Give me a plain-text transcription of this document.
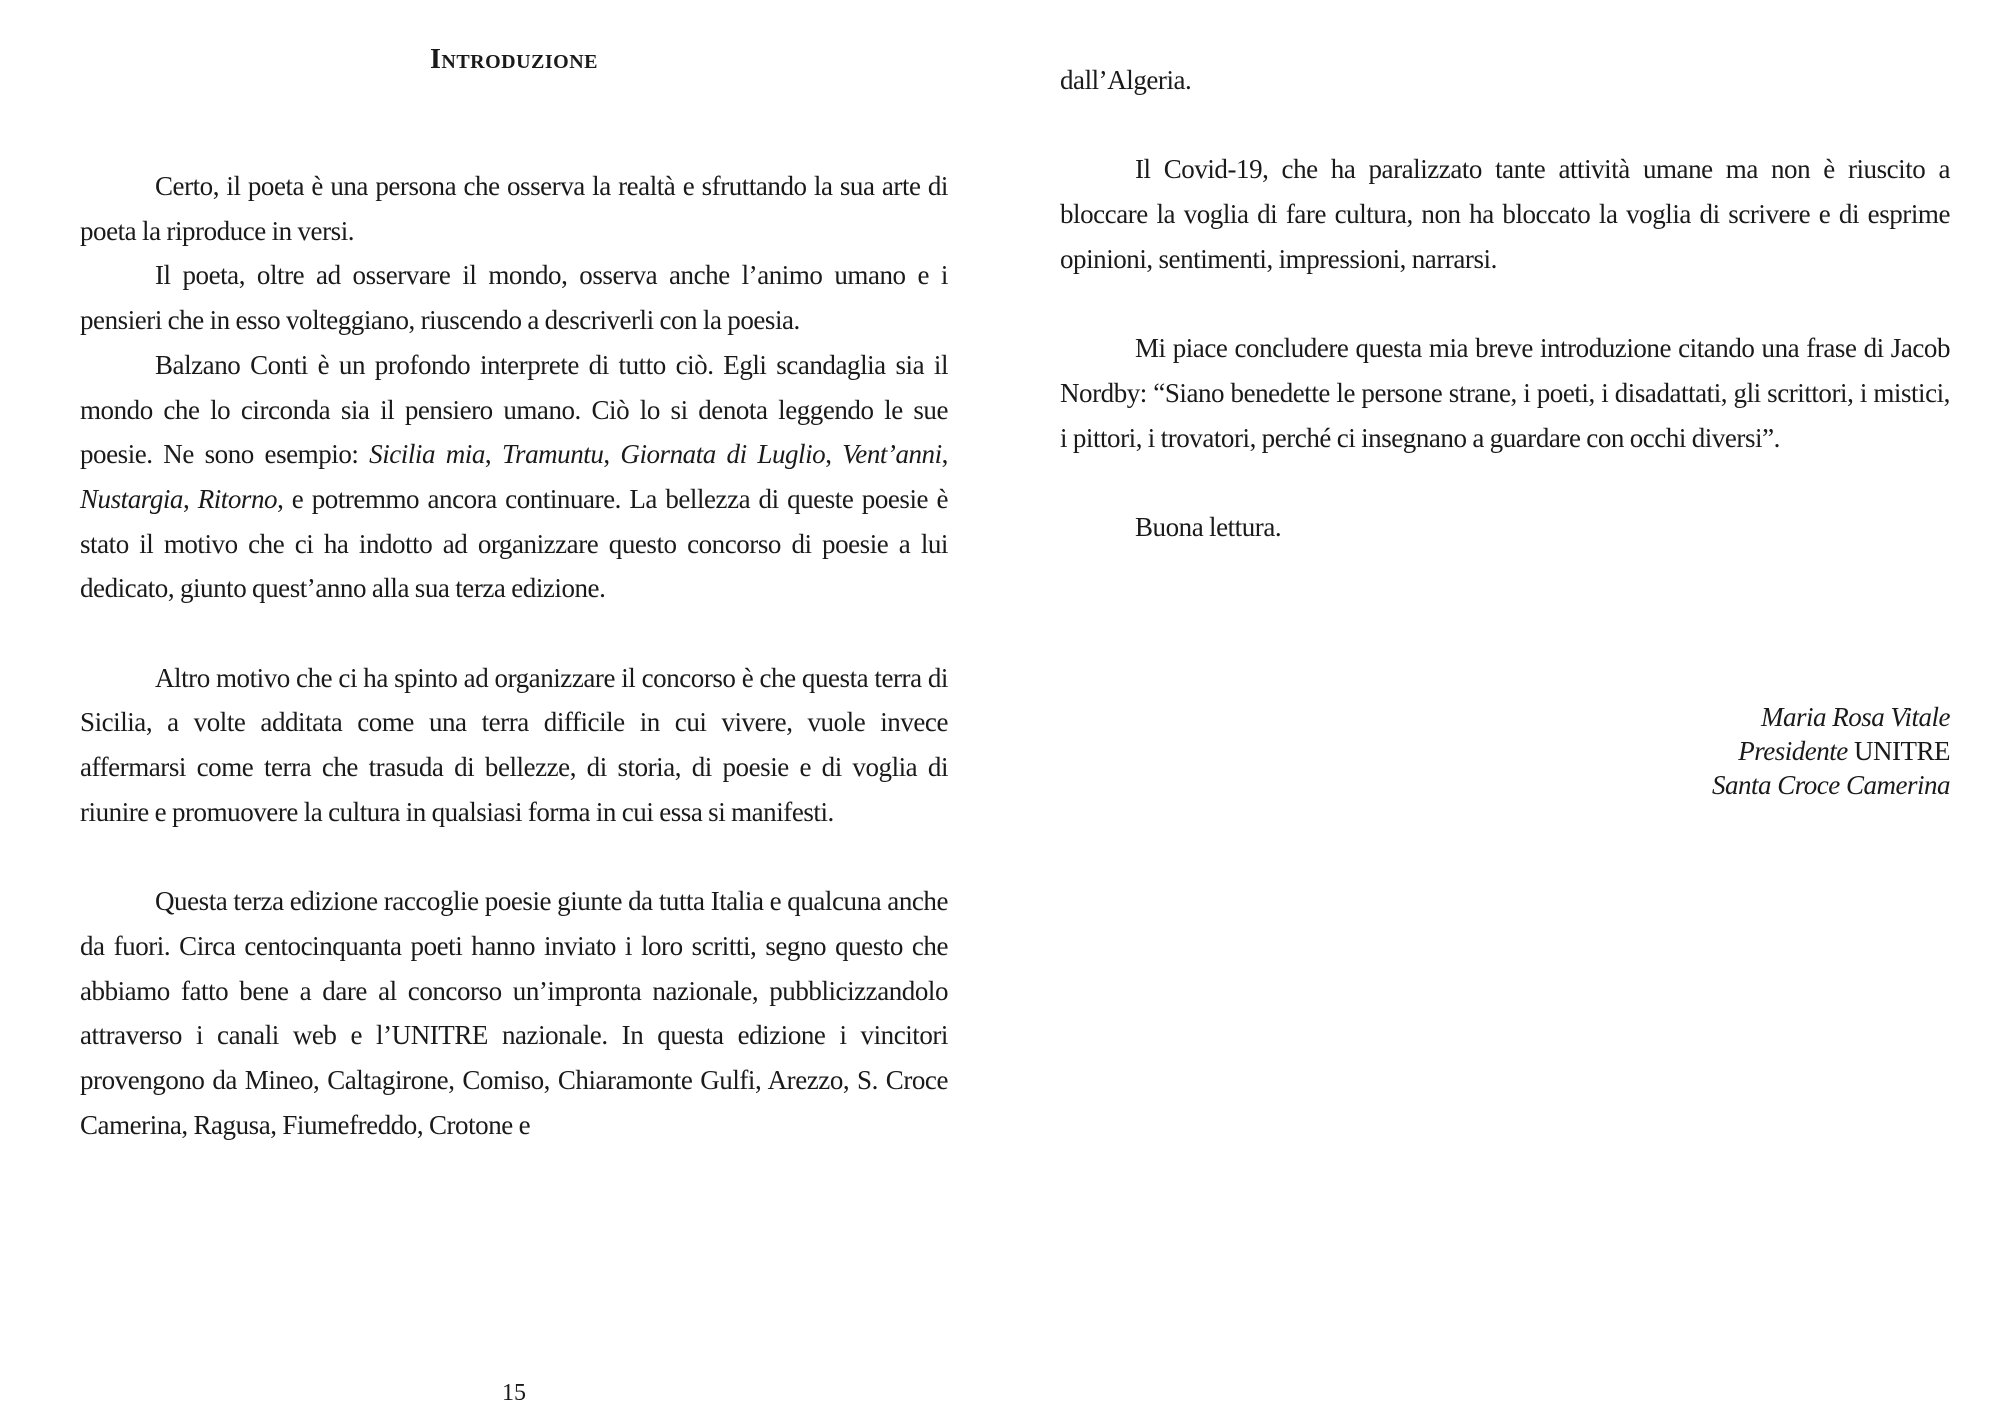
Introduzione

Certo, il poeta è una persona che osserva la realtà e sfruttando la sua arte di poeta la riproduce in versi.

Il poeta, oltre ad osservare il mondo, osserva anche l’animo umano e i pensieri che in esso volteggiano, riuscendo a descriverli con la poesia.

Balzano Conti è un profondo interprete di tutto ciò. Egli scandaglia sia il mondo che lo circonda sia il pensiero umano. Ciò lo si denota leggendo le sue poesie. Ne sono esempio: Sicilia mia, Tramuntu, Giornata di Luglio, Vent’anni, Nustargia, Ritorno, e potremmo ancora continuare. La bellezza di queste poesie è stato il motivo che ci ha indotto ad organizzare questo concorso di poesie a lui dedicato, giunto quest’anno alla sua terza edizione.

Altro motivo che ci ha spinto ad organizzare il concorso è che questa terra di Sicilia, a volte additata come una terra difficile in cui vivere, vuole invece affermarsi come terra che trasuda di bellezze, di storia, di poesie e di voglia di riunire e promuovere la cultura in qualsiasi forma in cui essa si manifesti.

Questa terza edizione raccoglie poesie giunte da tutta Italia e qualcuna anche da fuori. Circa centocinquanta poeti hanno inviato i loro scritti, segno questo che abbiamo fatto bene a dare al concorso un’impronta nazionale, pubblicizzandolo attraverso i canali web e l’UNITRE nazionale. In questa edizione i vincitori provengono da Mineo, Caltagirone, Comiso, Chiaramonte Gulfi, Arezzo, S. Croce Camerina, Ragusa, Fiumefreddo, Crotone e

15

dall’Algeria.

Il Covid-19, che ha paralizzato tante attività umane ma non è riuscito a bloccare la voglia di fare cultura, non ha bloccato la voglia di scrivere e di esprime opinioni, sentimenti, impressioni, narrarsi.

Mi piace concludere questa mia breve introduzione citando una frase di Jacob Nordby: “Siano benedette le persone strane, i poeti, i disadattati, gli scrittori, i mistici, i pittori, i trovatori, perché ci insegnano a guardare con occhi diversi”.

Buona lettura.

Maria Rosa Vitale
Presidente UNITRE
Santa Croce Camerina
